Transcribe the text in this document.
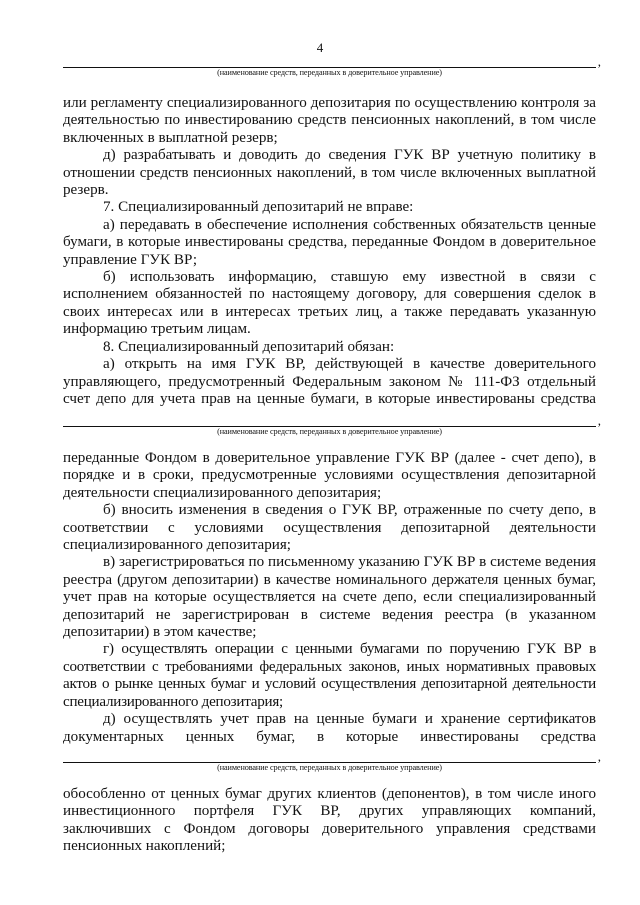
4
,
(наименование средств, переданных в доверительное управление)

или регламенту специализированного депозитария по осуществлению контроля за деятельностью по инвестированию средств пенсионных накоплений, в том числе включенных в выплатной резерв;

д) разрабатывать и доводить до сведения ГУК ВР учетную политику в отношении средств пенсионных накоплений, в том числе включенных выплатной резерв.

7. Специализированный депозитарий не вправе:

а) передавать в обеспечение исполнения собственных обязательств ценные бумаги, в которые инвестированы средства, переданные Фондом в доверительное управление ГУК ВР;

б) использовать информацию, ставшую ему известной в связи с исполнением обязанностей по настоящему договору, для совершения сделок в своих интересах или в интересах третьих лиц, а также передавать указанную информацию третьим лицам.

8. Специализированный депозитарий обязан:

а) открыть на имя ГУК ВР, действующей в качестве доверительного управляющего, предусмотренный Федеральным законом № 111-ФЗ отдельный счет депо для учета прав на ценные бумаги, в которые инвестированы средства

,
(наименование средств, переданных в доверительное управление)

переданные Фондом в доверительное управление ГУК ВР (далее - счет депо), в порядке и в сроки, предусмотренные условиями осуществления депозитарной деятельности специализированного депозитария;

б) вносить изменения в сведения о ГУК ВР, отраженные по счету депо, в соответствии с условиями осуществления депозитарной деятельности специализированного депозитария;

в) зарегистрироваться по письменному указанию ГУК ВР в системе ведения реестра (другом депозитарии) в качестве номинального держателя ценных бумаг, учет прав на которые осуществляется на счете депо, если специализированный депозитарий не зарегистрирован в системе ведения реестра (в указанном депозитарии) в этом качестве;

г) осуществлять операции с ценными бумагами по поручению ГУК ВР в соответствии с требованиями федеральных законов, иных нормативных правовых актов о рынке ценных бумаг и условий осуществления депозитарной деятельности специализированного депозитария;

д) осуществлять учет прав на ценные бумаги и хранение сертификатов документарных ценных бумаг, в которые инвестированы средства

,
(наименование средств, переданных в доверительное управление)

обособленно от ценных бумаг других клиентов (депонентов), в том числе иного инвестиционного портфеля ГУК ВР, других управляющих компаний, заключивших с Фондом договоры доверительного управления средствами пенсионных накоплений;
